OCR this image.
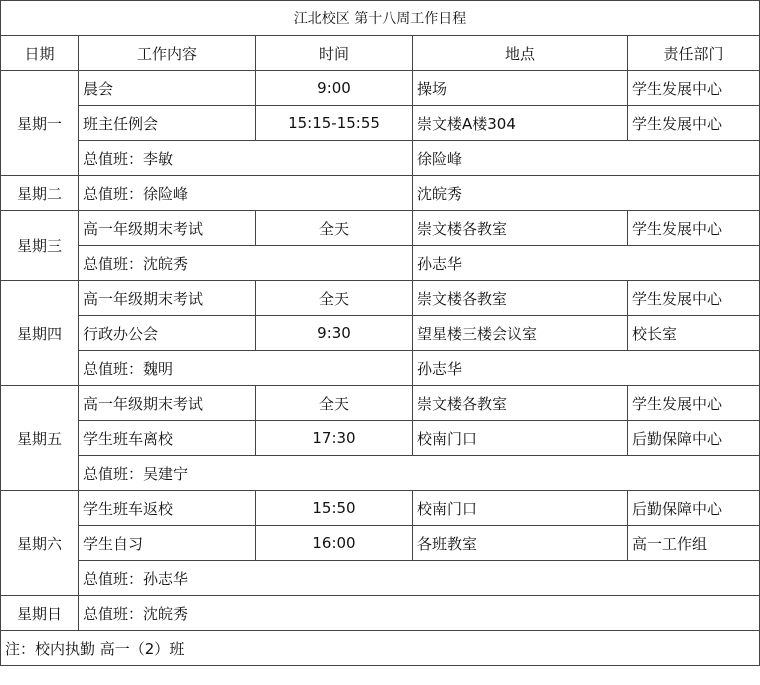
江北校区 第十八周工作日程				
日期	工作内容	时间	地点	责任部门
星期一	晨会	9:00	操场	学生发展中心
	班主任例会	15:15-15:55	崇文楼A楼304	学生发展中心
	总值班：李敏		徐险峰	
星期二	总值班：徐险峰		沈皖秀	
星期三	高一年级期末考试	全天	崇文楼各教室	学生发展中心
	总值班：沈皖秀		孙志华	
星期四	高一年级期末考试	全天	崇文楼各教室	学生发展中心
	行政办公会	9:30	望星楼三楼会议室	校长室
	总值班：魏明		孙志华	
星期五	高一年级期末考试	全天	崇文楼各教室	学生发展中心
	学生班车离校	17:30	校南门口	后勤保障中心
	总值班：吴建宁			
星期六	学生班车返校	15:50	校南门口	后勤保障中心
	学生自习	16:00	各班教室	高一工作组
	总值班：孙志华			
星期日	总值班：沈皖秀			
注：校内执勤 高一（2）班				
